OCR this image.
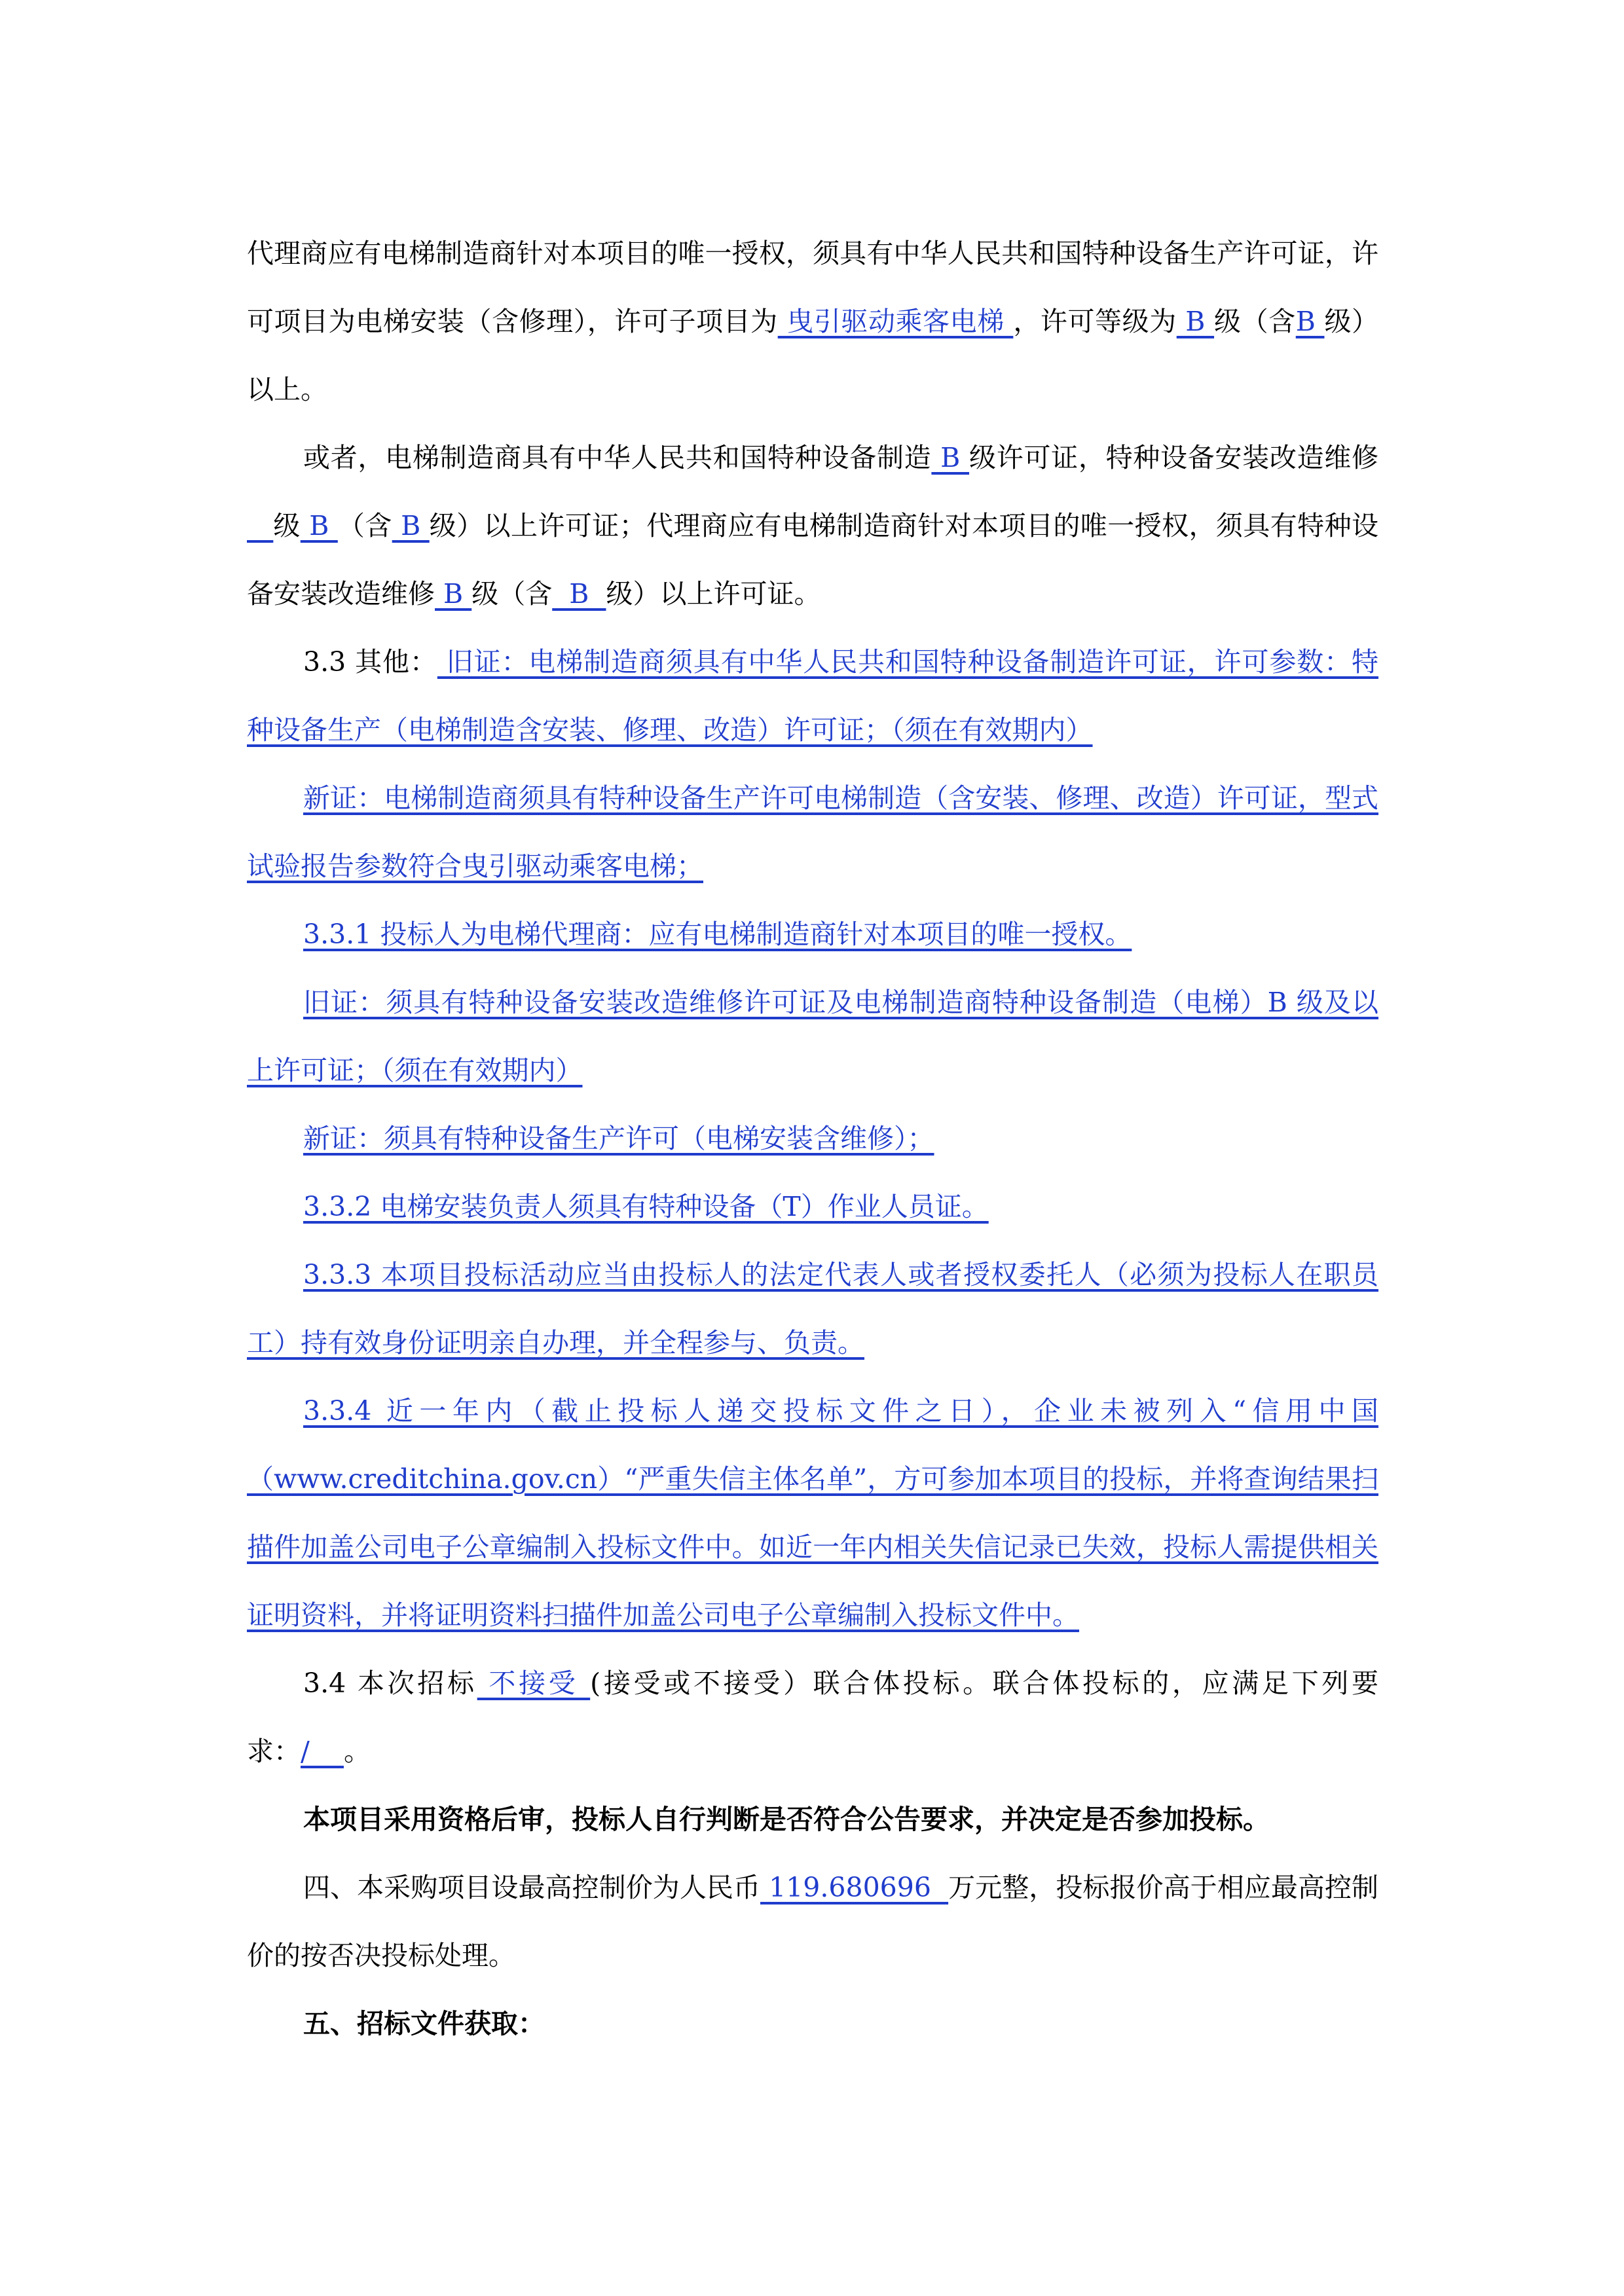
代理商应有电梯制造商针对本项目的唯一授权，须具有中华人民共和国特种设备生产许可证，许可项目为电梯安装（含修理），许可子项目为 曳引驱动乘客电梯 ，许可等级为 B 级（含B 级）以上。

或者，电梯制造商具有中华人民共和国特种设备制造 B 级许可证，特种设备安装改造维修   级 B （含 B 级）以上许可证；代理商应有电梯制造商针对本项目的唯一授权，须具有特种设备安装改造维修 B 级（含  B  级）以上许可证。

3.3 其他： 旧证：电梯制造商须具有中华人民共和国特种设备制造许可证，许可参数：特种设备生产（电梯制造含安装、修理、改造）许可证；（须在有效期内）

新证：电梯制造商须具有特种设备生产许可电梯制造（含安装、修理、改造）许可证，型式试验报告参数符合曳引驱动乘客电梯；

3.3.1 投标人为电梯代理商：应有电梯制造商针对本项目的唯一授权。

旧证：须具有特种设备安装改造维修许可证及电梯制造商特种设备制造（电梯）B 级及以上许可证；（须在有效期内）

新证：须具有特种设备生产许可（电梯安装含维修）；

3.3.2 电梯安装负责人须具有特种设备（T）作业人员证。

3.3.3 本项目投标活动应当由投标人的法定代表人或者授权委托人（必须为投标人在职员工）持有效身份证明亲自办理，并全程参与、负责。

3.3.4 近一年内（截止投标人递交投标文件之日），企业未被列入“信用中国（www.creditchina.gov.cn）“严重失信主体名单”，方可参加本项目的投标，并将查询结果扫描件加盖公司电子公章编制入投标文件中。如近一年内相关失信记录已失效，投标人需提供相关证明资料，并将证明资料扫描件加盖公司电子公章编制入投标文件中。

3.4 本次招标 不接受 (接受或不接受）联合体投标。联合体投标的，应满足下列要求：/    。

本项目采用资格后审，投标人自行判断是否符合公告要求，并决定是否参加投标。

四、本采购项目设最高控制价为人民币 119.680696  万元整，投标报价高于相应最高控制价的按否决投标处理。

五、招标文件获取：
